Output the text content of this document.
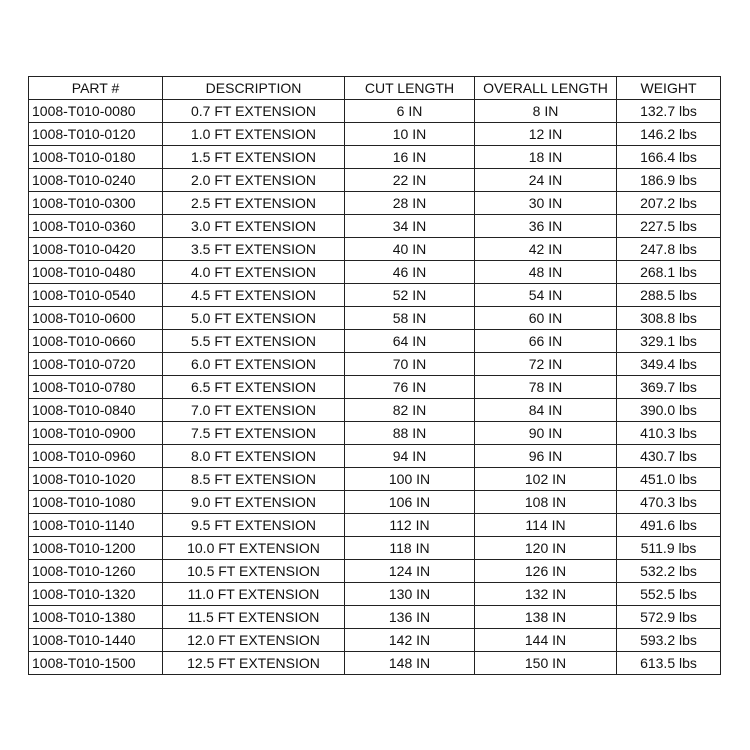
PART #	DESCRIPTION	CUT LENGTH	OVERALL LENGTH	WEIGHT
1008-T010-0080	0.7 FT EXTENSION	6 IN	8 IN	132.7 lbs
1008-T010-0120	1.0 FT EXTENSION	10 IN	12 IN	146.2 lbs
1008-T010-0180	1.5 FT EXTENSION	16 IN	18 IN	166.4 lbs
1008-T010-0240	2.0 FT EXTENSION	22 IN	24 IN	186.9 lbs
1008-T010-0300	2.5 FT EXTENSION	28 IN	30 IN	207.2 lbs
1008-T010-0360	3.0 FT EXTENSION	34 IN	36 IN	227.5 lbs
1008-T010-0420	3.5 FT EXTENSION	40 IN	42 IN	247.8 lbs
1008-T010-0480	4.0 FT EXTENSION	46 IN	48 IN	268.1 lbs
1008-T010-0540	4.5 FT EXTENSION	52 IN	54 IN	288.5 lbs
1008-T010-0600	5.0 FT EXTENSION	58 IN	60 IN	308.8 lbs
1008-T010-0660	5.5 FT EXTENSION	64 IN	66 IN	329.1 lbs
1008-T010-0720	6.0 FT EXTENSION	70 IN	72 IN	349.4 lbs
1008-T010-0780	6.5 FT EXTENSION	76 IN	78 IN	369.7 lbs
1008-T010-0840	7.0 FT EXTENSION	82 IN	84 IN	390.0 lbs
1008-T010-0900	7.5 FT EXTENSION	88 IN	90 IN	410.3 lbs
1008-T010-0960	8.0 FT EXTENSION	94 IN	96 IN	430.7 lbs
1008-T010-1020	8.5 FT EXTENSION	100 IN	102 IN	451.0 lbs
1008-T010-1080	9.0 FT EXTENSION	106 IN	108 IN	470.3 lbs
1008-T010-1140	9.5 FT EXTENSION	112 IN	114 IN	491.6 lbs
1008-T010-1200	10.0 FT EXTENSION	118 IN	120 IN	511.9 lbs
1008-T010-1260	10.5 FT EXTENSION	124 IN	126 IN	532.2 lbs
1008-T010-1320	11.0 FT EXTENSION	130 IN	132 IN	552.5 lbs
1008-T010-1380	11.5 FT EXTENSION	136 IN	138 IN	572.9 lbs
1008-T010-1440	12.0 FT EXTENSION	142 IN	144 IN	593.2 lbs
1008-T010-1500	12.5 FT EXTENSION	148 IN	150 IN	613.5 lbs
